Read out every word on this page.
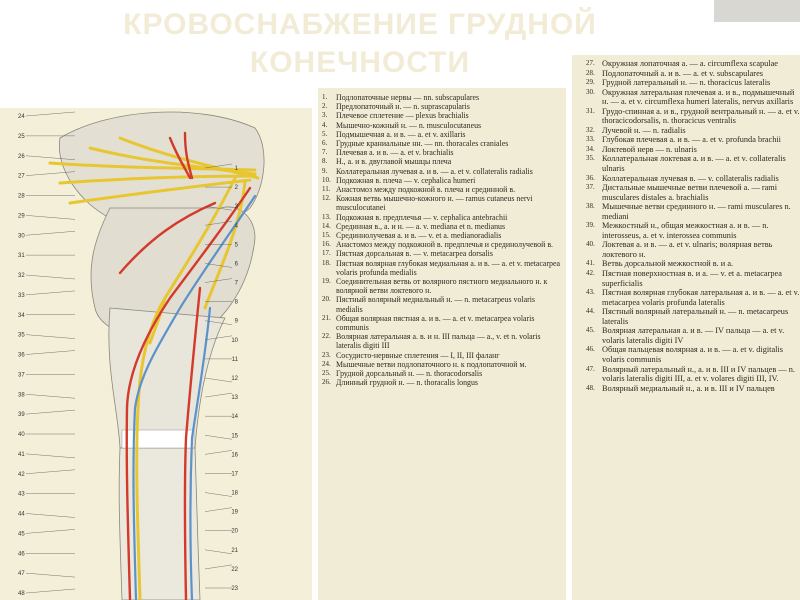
КРОВОСНАБЖЕНИЕ ГРУДНОЙ
КОНЕЧНОСТИ
24
25
26
27
28
29
30
31
32
33
34
35
36
37
38
39
40
41
42
43
44
45
46
47
48
1
2
3
4
5
6
7
8
9
10
11
12
13
14
15
16
17
18
19
20
21
22
23
1. Подлопаточные нервы — nn. subscapulares
2. Предлопаточный н. — n. suprascapularis
3. Плечевое сплетение — plexus brachialis
4. Мышечно-кожный н. — n. musculocutaneus
5. Подмышечная а. и в. — a. et v. axillaris
6. Грудные краниальные нн. — nn. thoracales craniales
7. Плечевая а. и в. — a. et v. brachialis
8. Н., а. и в. двуглавой мышцы плеча
9. Коллатеральная лучевая а. и в. — a. et v. collateralis radialis
10. Подкожная в. плеча — v. cephalica humeri
11. Анастомоз между подкожной в. плеча и срединной в.
12. Кожная ветвь мышечно-кожного н. — ramus cutaneus nervi musculocutanei
13. Подкожная в. предплечья — v. cephalica antebrachii
14. Срединная в., а. и н. — a. v. mediana et n. medianus
15. Срединнолучевая а. и в. — v. et a. medianoradialis
16. Анастомоз между подкожной в. предплечья и срединолучевой в.
17. Пястная дорсальная в. — v. metacarpea dorsalis
18. Пястная волярная глубокая медиальная а. и в. — a. et v. metacarpea volaris profunda medialis
19. Соединительная ветвь от волярного пястного медиального н. к волярной ветви локтевого н.
20. Пястный волярный медиальный н. — n. metacarpeus volaris medialis
21. Общая волярная пястная а. и в. — a. et v. metacarpea volaris communis
22. Волярная латеральная а. в. и н. III пальца — a., v. et n. volaris lateralis digiti III
23. Сосудисто-нервные сплетения — I, II, III фаланг
24. Мышечные ветви подлопаточного н. к подлопаточной м.
25. Грудной дорсальный н. — n. thoracodorsalis
26. Длинный грудной н. — n. thoracalis longus
27. Окружная лопаточная а. — a. circumflexa scapulae
28. Подлопаточный а. и в. — a. et v. subscapulares
29. Грудной латеральный н. — n. thoracicus lateralis
30. Окружная латеральная плечевая а. и в., подмышечный н. — a. et v. circumflexa humeri lateralis, nervus axillaris
31. Грудо-спинная а. и в., грудной вентральный н. — a. et v. thoracicodorsalis, n. thoracicus ventralis
32. Лучевой н. — n. radialis
33. Глубокая плечевая а. и в. — a. et v. profunda brachii
34. Локтевой нерв — n. ulnaris
35. Коллатеральная локтевая а. и в. — a. et v. collateralis ulnaris
36. Коллатеральная лучевая в. — v. collateralis radialis
37. Дистальные мышечные ветви плечевой а. — rami musculares distales a. brachialis
38. Мышечные ветви срединного н. — rami musculares n. mediani
39. Межкостный н., общая межкостная а. и в. — n. interosseus, a. et v. interossea communis
40. Локтевая а. и в. — a. et v. ulnaris; волярная ветвь локтевого н.
41. Ветвь дорсальной межкостной в. и а.
42. Пястная поверхностная в. и а. — v. et a. metacarpea superficialis
43. Пястная волярная глубокая латеральная а. и в. — a. et v. metacarpea volaris profunda lateralis
44. Пястный волярный латеральный н. — n. metacarpeus lateralis
45. Волярная латеральная а. и в. — IV пальца — a. et v. volaris lateralis digiti IV
46. Общая пальцевая волярная а. и в. — a. et v. digitalis volaris communis
47. Волярный латеральный н., а. и в. III и IV пальцев — n. volaris lateralis digiti III, a. et v. volares digiti III, IV.
48. Волярный медиальный н., а. и в. III и IV пальцев
